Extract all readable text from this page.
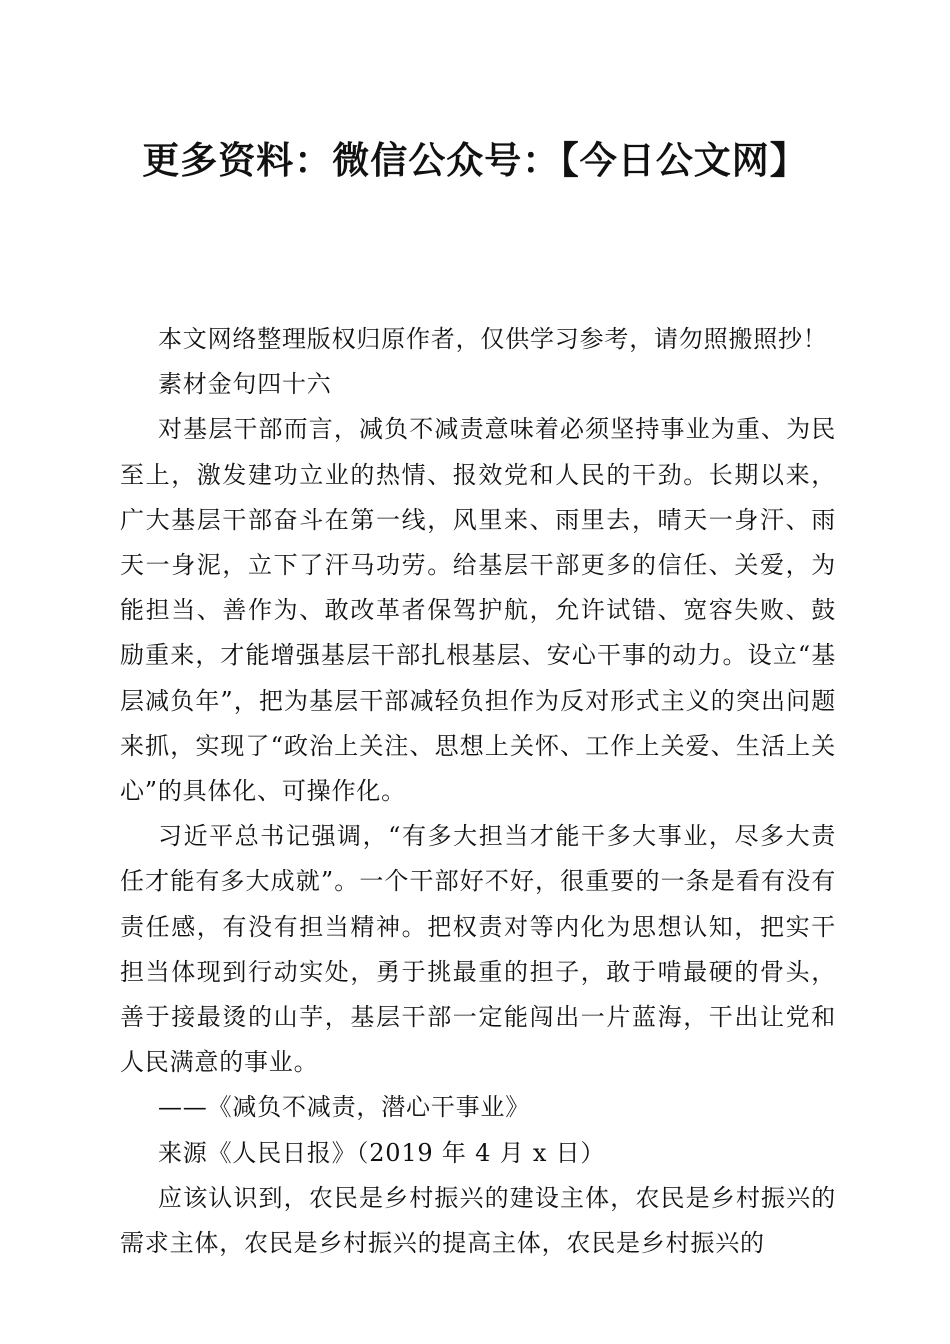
更多资料：微信公众号：【今日公文网】

本文网络整理版权归原作者，仅供学习参考，请勿照搬照抄！

素材金句四十六

对基层干部而言，减负不减责意味着必须坚持事业为重、为民至上，激发建功立业的热情、报效党和人民的干劲。长期以来，广大基层干部奋斗在第一线，风里来、雨里去，晴天一身汗、雨天一身泥，立下了汗马功劳。给基层干部更多的信任、关爱，为能担当、善作为、敢改革者保驾护航，允许试错、宽容失败、鼓励重来，才能增强基层干部扎根基层、安心干事的动力。设立“基层减负年”，把为基层干部减轻负担作为反对形式主义的突出问题来抓，实现了“政治上关注、思想上关怀、工作上关爱、生活上关心”的具体化、可操作化。

习近平总书记强调，“有多大担当才能干多大事业，尽多大责任才能有多大成就”。一个干部好不好，很重要的一条是看有没有责任感，有没有担当精神。把权责对等内化为思想认知，把实干担当体现到行动实处，勇于挑最重的担子，敢于啃最硬的骨头，善于接最烫的山芋，基层干部一定能闯出一片蓝海，干出让党和人民满意的事业。

——《减负不减责，潜心干事业》

来源《人民日报》（2019 年 4 月 x 日）

应该认识到，农民是乡村振兴的建设主体，农民是乡村振兴的需求主体，农民是乡村振兴的提高主体，农民是乡村振兴的
